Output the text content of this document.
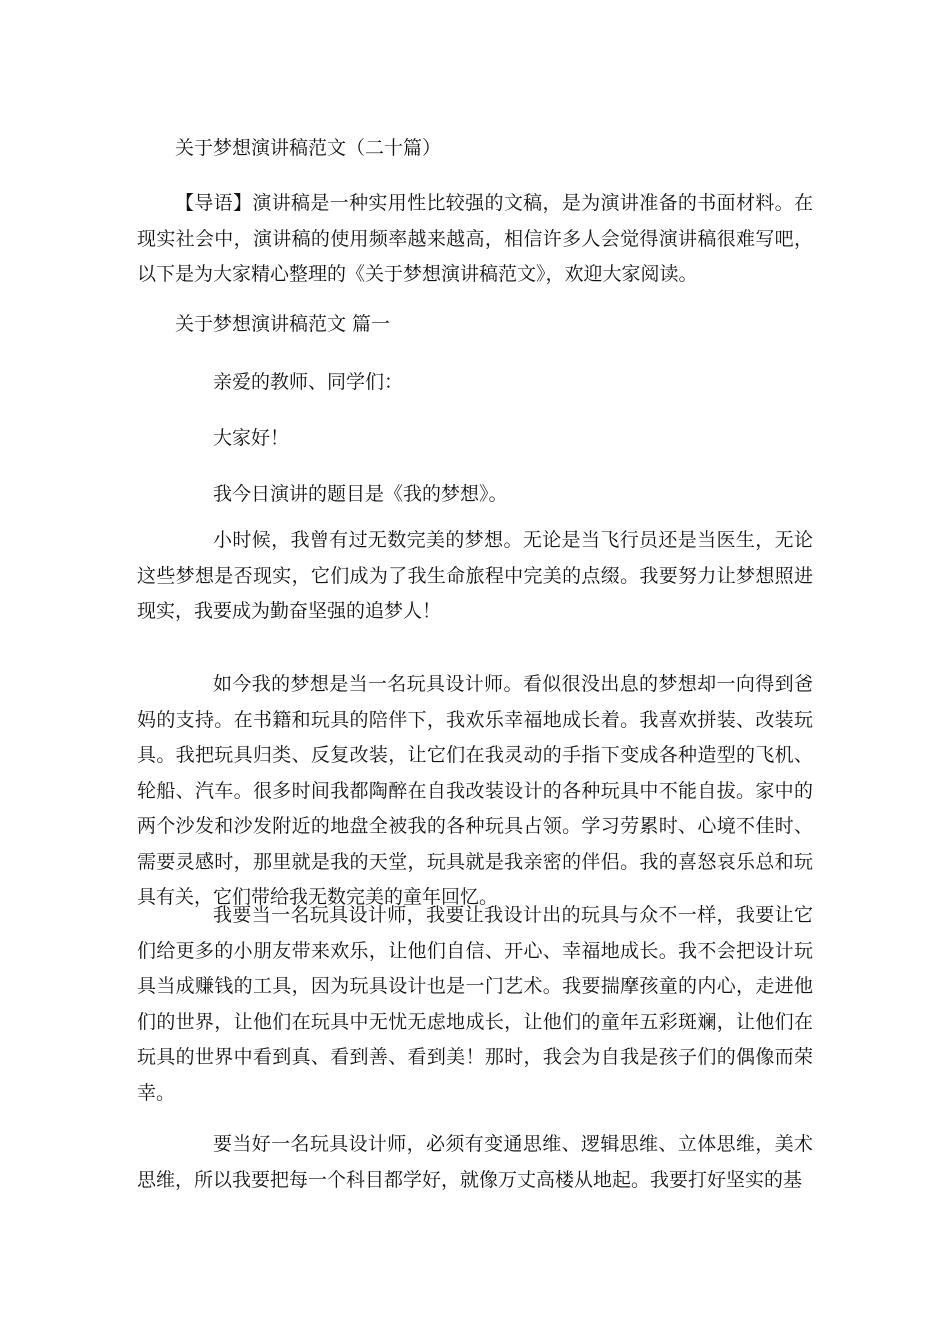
关于梦想演讲稿范文（二十篇）

【导语】演讲稿是一种实用性比较强的文稿，是为演讲准备的书面材料。在现实社会中，演讲稿的使用频率越来越高，相信许多人会觉得演讲稿很难写吧，以下是为大家精心整理的《关于梦想演讲稿范文》，欢迎大家阅读。

关于梦想演讲稿范文 篇一
亲爱的教师、同学们：
大家好！
我今日演讲的题目是《我的梦想》。

小时候，我曾有过无数完美的梦想。无论是当飞行员还是当医生，无论这些梦想是否现实，它们成为了我生命旅程中完美的点缀。我要努力让梦想照进现实，我要成为勤奋坚强的追梦人！

如今我的梦想是当一名玩具设计师。看似很没出息的梦想却一向得到爸妈的支持。在书籍和玩具的陪伴下，我欢乐幸福地成长着。我喜欢拼装、改装玩具。我把玩具归类、反复改装，让它们在我灵动的手指下变成各种造型的飞机、轮船、汽车。很多时间我都陶醉在自我改装设计的各种玩具中不能自拔。家中的两个沙发和沙发附近的地盘全被我的各种玩具占领。学习劳累时、心境不佳时、需要灵感时，那里就是我的天堂，玩具就是我亲密的伴侣。我的喜怒哀乐总和玩具有关，它们带给我无数完美的童年回忆。

我要当一名玩具设计师，我要让我设计出的玩具与众不一样，我要让它们给更多的小朋友带来欢乐，让他们自信、开心、幸福地成长。我不会把设计玩具当成赚钱的工具，因为玩具设计也是一门艺术。我要揣摩孩童的内心，走进他们的世界，让他们在玩具中无忧无虑地成长，让他们的童年五彩斑斓，让他们在玩具的世界中看到真、看到善、看到美！那时，我会为自我是孩子们的偶像而荣幸。

要当好一名玩具设计师，必须有变通思维、逻辑思维、立体思维，美术思维，所以我要把每一个科目都学好，就像万丈高楼从地起。我要打好坚实的基
